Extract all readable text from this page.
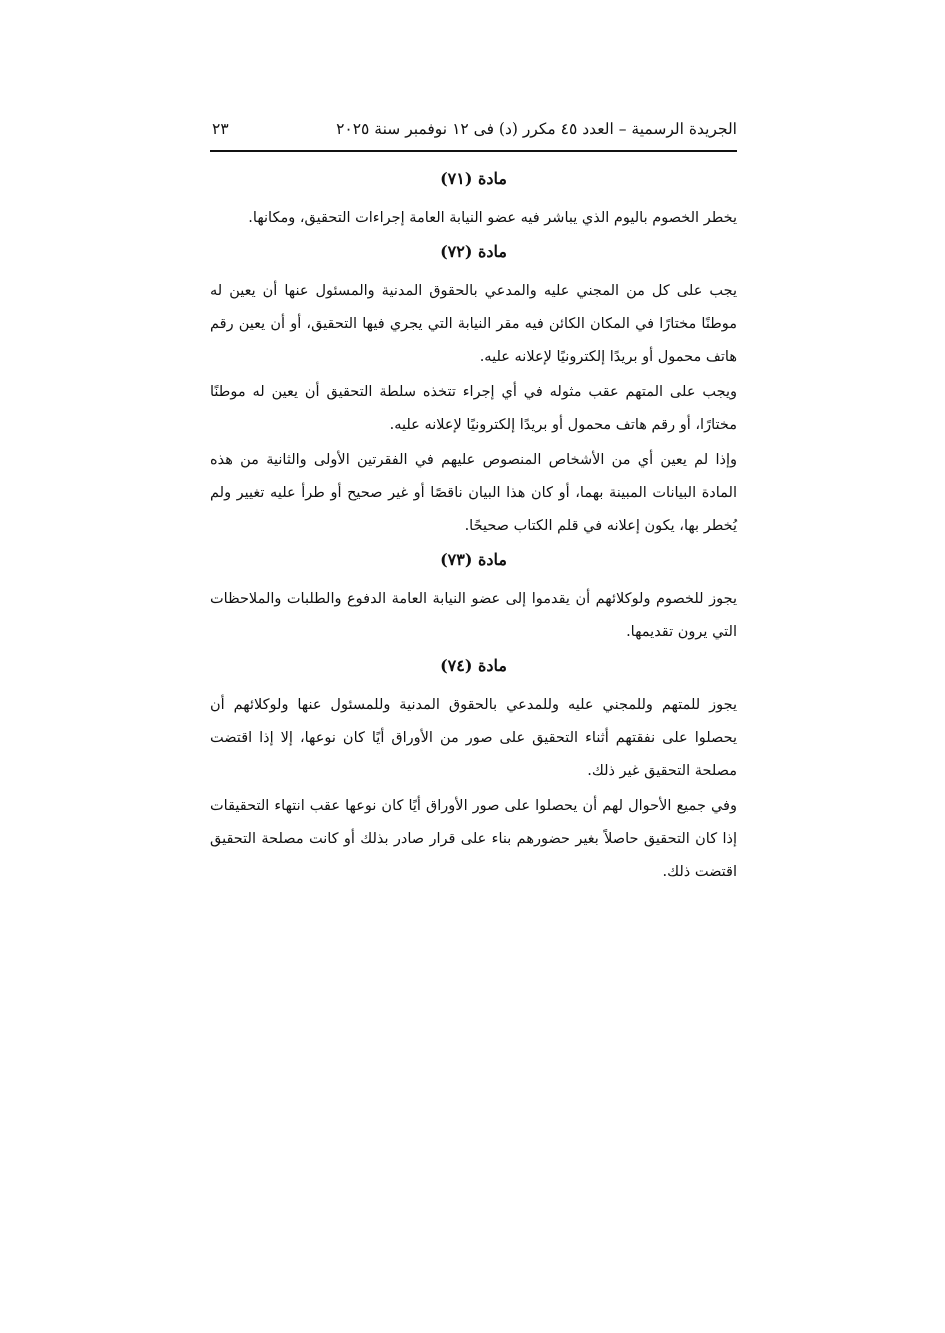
الجريدة الرسمية – العدد ٤٥ مكرر (د) فى ١٢ نوفمبر سنة ٢٠٢٥
٢٣
مادة (٧١)

يخطر الخصوم باليوم الذي يباشر فيه عضو النيابة العامة إجراءات التحقيق، ومكانها.

مادة (٧٢)

يجب على كل من المجني عليه والمدعي بالحقوق المدنية والمسئول عنها أن يعين له موطنًا مختارًا في المكان الكائن فيه مقر النيابة التي يجري فيها التحقيق، أو أن يعين رقم هاتف محمول أو بريدًا إلكترونيًا لإعلانه عليه.

ويجب على المتهم عقب مثوله في أي إجراء تتخذه سلطة التحقيق أن يعين له موطنًا مختارًا، أو رقم هاتف محمول أو بريدًا إلكترونيًا لإعلانه عليه.

وإذا لم يعين أي من الأشخاص المنصوص عليهم في الفقرتين الأولى والثانية من هذه المادة البيانات المبينة بهما، أو كان هذا البيان ناقصًا أو غير صحيح أو طرأ عليه تغيير ولم يُخطر بها، يكون إعلانه في قلم الكتاب صحيحًا.

مادة (٧٣)

يجوز للخصوم ولوكلائهم أن يقدموا إلى عضو النيابة العامة الدفوع والطلبات والملاحظات التي يرون تقديمها.

مادة (٧٤)

يجوز للمتهم وللمجني عليه وللمدعي بالحقوق المدنية وللمسئول عنها ولوكلائهم أن يحصلوا على نفقتهم أثناء التحقيق على صور من الأوراق أيًا كان نوعها، إلا إذا اقتضت مصلحة التحقيق غير ذلك.

وفي جميع الأحوال لهم أن يحصلوا على صور الأوراق أيًا كان نوعها عقب انتهاء التحقيقات إذا كان التحقيق حاصلاً بغير حضورهم بناء على قرار صادر بذلك أو كانت مصلحة التحقيق اقتضت ذلك.
